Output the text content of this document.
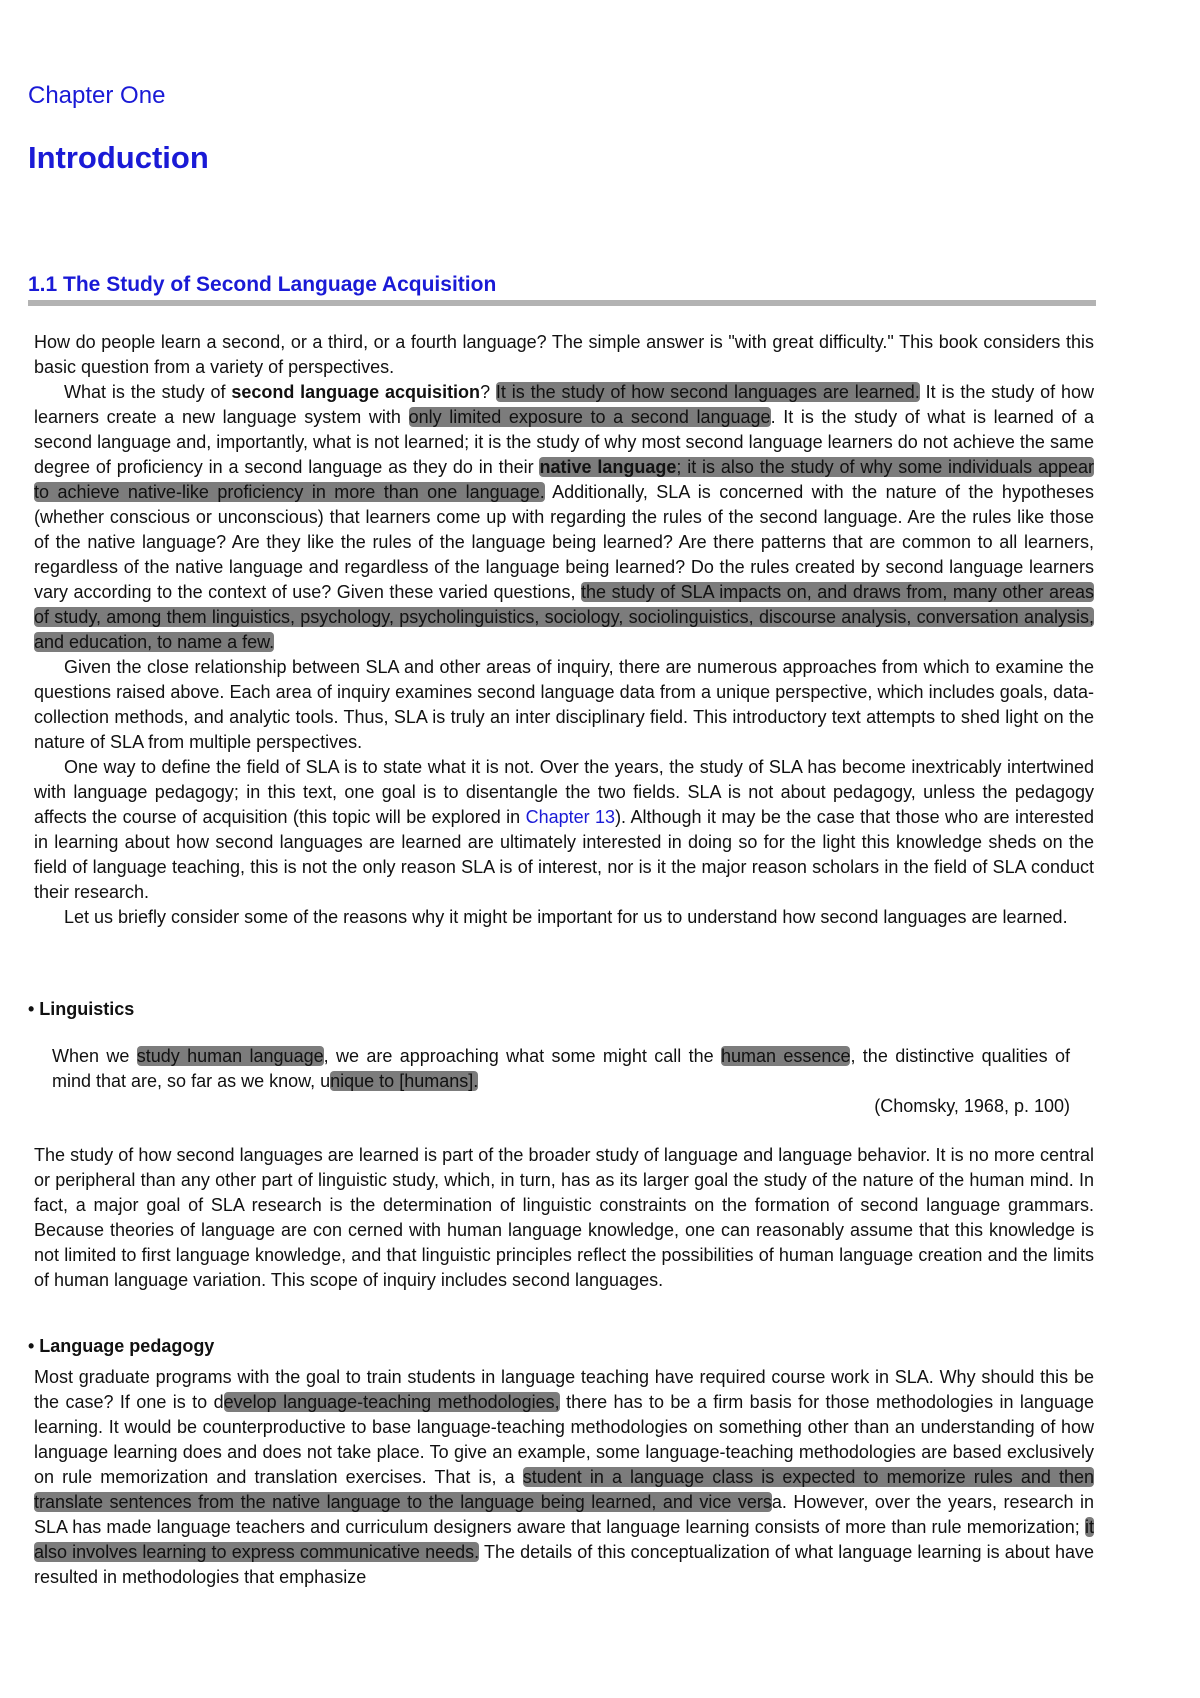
Chapter One
Introduction
1.1 The Study of Second Language Acquisition

How do people learn a second, or a third, or a fourth language? The simple answer is "with great difficulty." This book considers this basic question from a variety of perspectives.

What is the study of second language acquisition? It is the study of how second languages are learned. It is the study of how learners create a new language system with only limited exposure to a second language. It is the study of what is learned of a second language and, importantly, what is not learned; it is the study of why most second language learners do not achieve the same degree of proficiency in a second language as they do in their native language; it is also the study of why some individuals appear to achieve native-like proficiency in more than one language. Additionally, SLA is concerned with the nature of the hypotheses (whether conscious or unconscious) that learners come up with regarding the rules of the second language. Are the rules like those of the native language? Are they like the rules of the language being learned? Are there patterns that are common to all learners, regardless of the native language and regardless of the language being learned? Do the rules created by second language learners vary according to the context of use? Given these varied questions, the study of SLA impacts on, and draws from, many other areas of study, among them linguistics, psychology, psycholinguistics, sociology, sociolinguistics, discourse analysis, conversation analysis, and education, to name a few.

Given the close relationship between SLA and other areas of inquiry, there are numerous approaches from which to examine the questions raised above. Each area of inquiry examines second language data from a unique perspective, which includes goals, data-collection methods, and analytic tools. Thus, SLA is truly an inter disciplinary field. This introductory text attempts to shed light on the nature of SLA from multiple perspectives.

One way to define the field of SLA is to state what it is not. Over the years, the study of SLA has become inextricably intertwined with language pedagogy; in this text, one goal is to disentangle the two fields. SLA is not about pedagogy, unless the pedagogy affects the course of acquisition (this topic will be explored in Chapter 13). Although it may be the case that those who are interested in learning about how second languages are learned are ultimately interested in doing so for the light this knowledge sheds on the field of language teaching, this is not the only reason SLA is of interest, nor is it the major reason scholars in the field of SLA conduct their research.

Let us briefly consider some of the reasons why it might be important for us to understand how second languages are learned.

• Linguistics

When we study human language, we are approaching what some might call the human essence, the distinctive qualities of mind that are, so far as we know, unique to [humans].

(Chomsky, 1968, p. 100)

The study of how second languages are learned is part of the broader study of language and language behavior. It is no more central or peripheral than any other part of linguistic study, which, in turn, has as its larger goal the study of the nature of the human mind. In fact, a major goal of SLA research is the determination of linguistic constraints on the formation of second language grammars. Because theories of language are con cerned with human language knowledge, one can reasonably assume that this knowledge is not limited to first language knowledge, and that linguistic principles reflect the possibilities of human language creation and the limits of human language variation. This scope of inquiry includes second languages.

• Language pedagogy

Most graduate programs with the goal to train students in language teaching have required course work in SLA. Why should this be the case? If one is to develop language-teaching methodologies, there has to be a firm basis for those methodologies in language learning. It would be counterproductive to base language-teaching methodologies on something other than an understanding of how language learning does and does not take place. To give an example, some language-teaching methodologies are based exclusively on rule memorization and translation exercises. That is, a student in a language class is expected to memorize rules and then translate sentences from the native language to the language being learned, and vice versa. However, over the years, research in SLA has made language teachers and curriculum designers aware that language learning consists of more than rule memorization; it also involves learning to express communicative needs. The details of this conceptualization of what language learning is about have resulted in methodologies that emphasize
